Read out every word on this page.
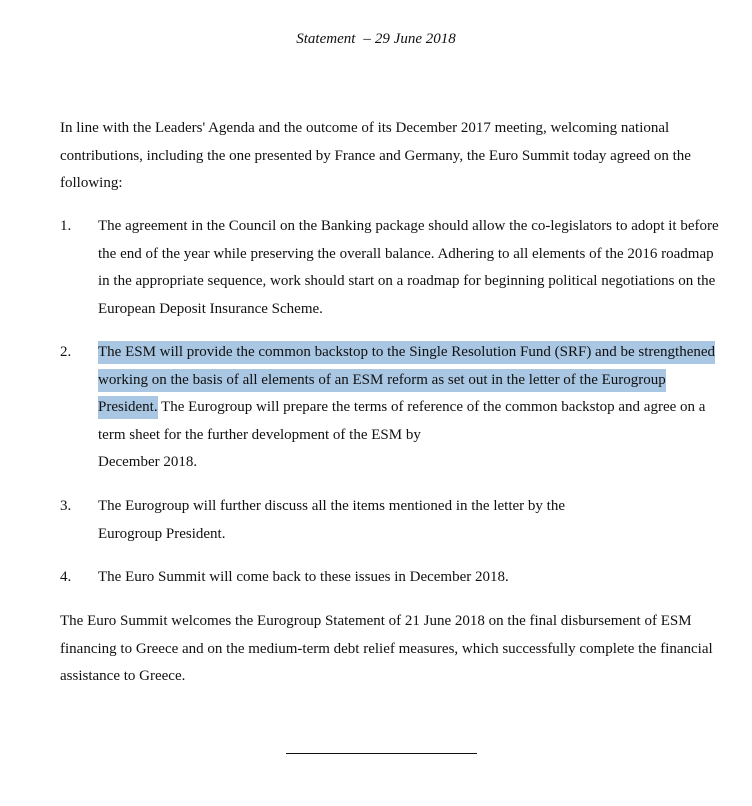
Statement – 29 June 2018

In line with the Leaders' Agenda and the outcome of its December 2017 meeting, welcoming national contributions, including the one presented by France and Germany, the Euro Summit today agreed on the following:

1. The agreement in the Council on the Banking package should allow the co-legislators to adopt it before the end of the year while preserving the overall balance. Adhering to all elements of the 2016 roadmap in the appropriate sequence, work should start on a roadmap for beginning political negotiations on the European Deposit Insurance Scheme.

2. The ESM will provide the common backstop to the Single Resolution Fund (SRF) and be strengthened working on the basis of all elements of an ESM reform as set out in the letter of the Eurogroup President. The Eurogroup will prepare the terms of reference of the common backstop and agree on a term sheet for the further development of the ESM by
December 2018.

3. The Eurogroup will further discuss all the items mentioned in the letter by the
Eurogroup President.

4. The Euro Summit will come back to these issues in December 2018.

The Euro Summit welcomes the Eurogroup Statement of 21 June 2018 on the final disbursement of ESM financing to Greece and on the medium-term debt relief measures, which successfully complete the financial assistance to Greece.
